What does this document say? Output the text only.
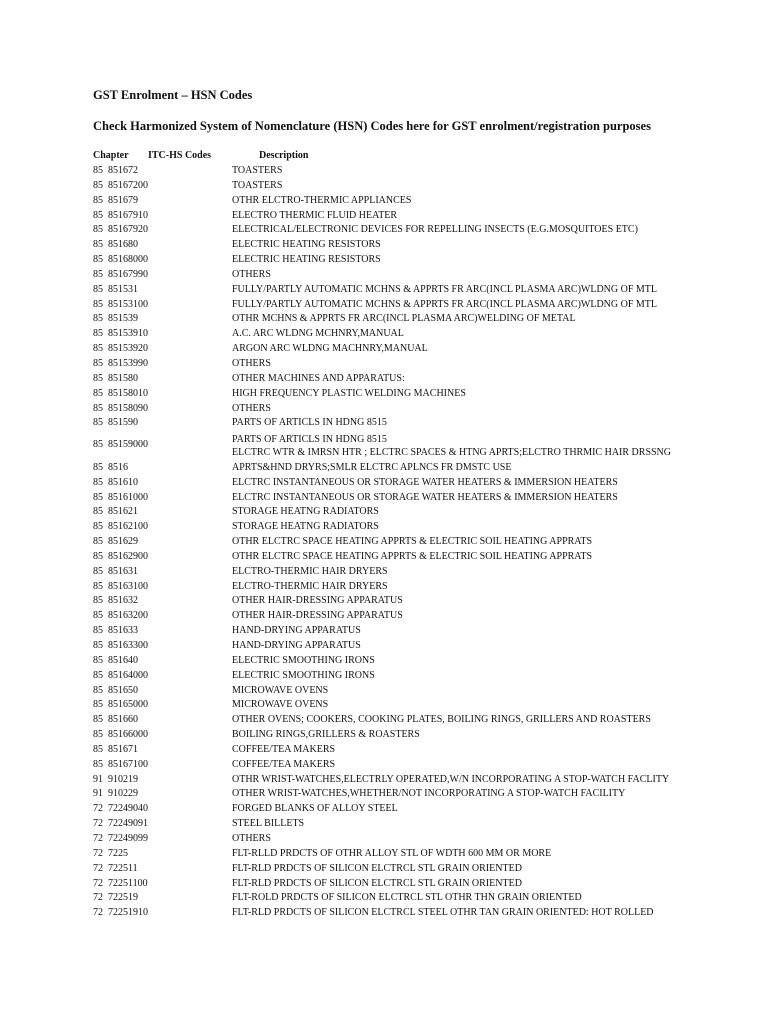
GST Enrolment – HSN Codes
Check Harmonized System of Nomenclature (HSN) Codes here for GST enrolment/registration purposes
Chapter ITC-HS Codes	Description
85 851672	TOASTERS
85 85167200	TOASTERS
85 851679	OTHR ELCTRO-THERMIC APPLIANCES
85 85167910	ELECTRO THERMIC FLUID HEATER
85 85167920	ELECTRICAL/ELECTRONIC DEVICES FOR REPELLING INSECTS (E.G.MOSQUITOES ETC)
85 851680	ELECTRIC HEATING RESISTORS
85 85168000	ELECTRIC HEATING RESISTORS
85 85167990	OTHERS
85 851531	FULLY/PARTLY AUTOMATIC MCHNS & APPRTS FR ARC(INCL PLASMA ARC)WLDNG OF MTL
85 85153100	FULLY/PARTLY AUTOMATIC MCHNS & APPRTS FR ARC(INCL PLASMA ARC)WLDNG OF MTL
85 851539	OTHR MCHNS & APPRTS FR ARC(INCL PLASMA ARC)WELDING OF METAL
85 85153910	A.C. ARC WLDNG MCHNRY,MANUAL
85 85153920	ARGON ARC WLDNG MACHNRY,MANUAL
85 85153990	OTHERS
85 851580	OTHER MACHINES AND APPARATUS:
85 85158010	HIGH FREQUENCY PLASTIC WELDING MACHINES
85 85158090	OTHERS
85 851590	PARTS OF ARTICLS IN HDNG 8515
85 85159000	PARTS OF ARTICLS IN HDNG 8515
ELCTRC WTR & IMRSN HTR ; ELCTRC SPACES & HTNG APRTS;ELCTRO THRMIC HAIR DRSSNG
85 8516	APRTS&HND DRYRS;SMLR ELCTRC APLNCS FR DMSTC USE
85 851610	ELCTRC INSTANTANEOUS OR STORAGE WATER HEATERS & IMMERSION HEATERS
85 85161000	ELCTRC INSTANTANEOUS OR STORAGE WATER HEATERS & IMMERSION HEATERS
85 851621	STORAGE HEATNG RADIATORS
85 85162100	STORAGE HEATNG RADIATORS
85 851629	OTHR ELCTRC SPACE HEATING APPRTS & ELECTRIC SOIL HEATING APPRATS
85 85162900	OTHR ELCTRC SPACE HEATING APPRTS & ELECTRIC SOIL HEATING APPRATS
85 851631	ELCTRO-THERMIC HAIR DRYERS
85 85163100	ELCTRO-THERMIC HAIR DRYERS
85 851632	OTHER HAIR-DRESSING APPARATUS
85 85163200	OTHER HAIR-DRESSING APPARATUS
85 851633	HAND-DRYING APPARATUS
85 85163300	HAND-DRYING APPARATUS
85 851640	ELECTRIC SMOOTHING IRONS
85 85164000	ELECTRIC SMOOTHING IRONS
85 851650	MICROWAVE OVENS
85 85165000	MICROWAVE OVENS
85 851660	OTHER OVENS; COOKERS, COOKING PLATES, BOILING RINGS, GRILLERS AND ROASTERS
85 85166000	BOILING RINGS,GRILLERS & ROASTERS
85 851671	COFFEE/TEA MAKERS
85 85167100	COFFEE/TEA MAKERS
91 910219	OTHR WRIST-WATCHES,ELECTRLY OPERATED,W/N INCORPORATING A STOP-WATCH FACLITY
91 910229	OTHER WRIST-WATCHES,WHETHER/NOT INCORPORATING A STOP-WATCH FACILITY
72 72249040	FORGED BLANKS OF ALLOY STEEL
72 72249091	STEEL BILLETS
72 72249099	OTHERS
72 7225	FLT-RLLD PRDCTS OF OTHR ALLOY STL OF WDTH 600 MM OR MORE
72 722511	FLT-RLD PRDCTS OF SILICON ELCTRCL STL GRAIN ORIENTED
72 72251100	FLT-RLD PRDCTS OF SILICON ELCTRCL STL GRAIN ORIENTED
72 722519	FLT-ROLD PRDCTS OF SILICON ELCTRCL STL OTHR THN GRAIN ORIENTED
72 72251910	FLT-RLD PRDCTS OF SILICON ELCTRCL STEEL OTHR TAN GRAIN ORIENTED: HOT ROLLED
